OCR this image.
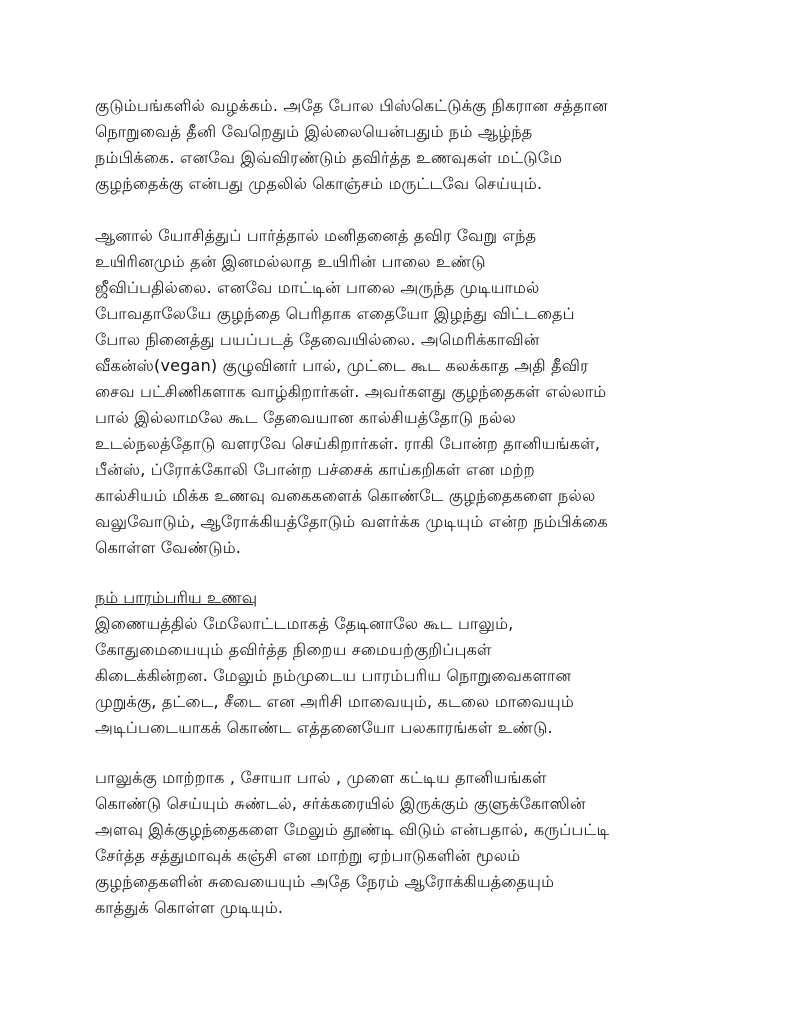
குடும்பங்களில் வழக்கம். அதே போல பிஸ்கெட்டுக்கு நிகரான சத்தான
நொறுவைத் தீனி வேறெதும் இல்லையென்பதும் நம் ஆழ்ந்த
நம்பிக்கை. எனவே இவ்விரண்டும் தவிர்த்த உணவுகள் மட்டுமே
குழந்தைக்கு என்பது முதலில் கொஞ்சம் மருட்டவே செய்யும்.
ஆனால் யோசித்துப் பார்த்தால் மனிதனைத் தவிர வேறு எந்த
உயிரினமும் தன் இனமல்லாத உயிரின் பாலை உண்டு
ஜீவிப்பதில்லை. எனவே மாட்டின் பாலை அருந்த முடியாமல்
போவதாலேயே குழந்தை பெரிதாக எதையோ இழந்து விட்டதைப்
போல நினைத்து பயப்படத் தேவையில்லை. அமெரிக்காவின்
வீகன்ஸ்(vegan) குழுவினர் பால், முட்டை கூட கலக்காத அதி தீவிர
சைவ பட்சிணிகளாக வாழ்கிறார்கள். அவர்களது குழந்தைகள் எல்லாம்
பால் இல்லாமலே கூட தேவையான கால்சியத்தோடு நல்ல
உடல்நலத்தோடு வளரவே செய்கிறார்கள். ராகி போன்ற தானியங்கள்,
பீன்ஸ், ப்ரோக்கோலி போன்ற பச்சைக் காய்கறிகள் என மற்ற
கால்சியம் மிக்க உணவு வகைகளைக் கொண்டே குழந்தைகளை நல்ல
வலுவோடும், ஆரோக்கியத்தோடும் வளர்க்க முடியும் என்ற நம்பிக்கை
கொள்ள வேண்டும்.
நம் பாரம்பரிய உணவு
இணையத்தில் மேலோட்டமாகத் தேடினாலே கூட பாலும்,
கோதுமையையும் தவிர்த்த நிறைய சமையற்குறிப்புகள்
கிடைக்கின்றன. மேலும் நம்முடைய பாரம்பரிய நொறுவைகளான
முறுக்கு, தட்டை, சீடை என அரிசி மாவையும், கடலை மாவையும்
அடிப்படையாகக் கொண்ட எத்தனையோ பலகாரங்கள் உண்டு.
பாலுக்கு மாற்றாக , சோயா பால் , முளை கட்டிய தானியங்கள்
கொண்டு செய்யும் சுண்டல், சர்க்கரையில் இருக்கும் குளுக்கோஸின்
அளவு இக்குழந்தைகளை மேலும் தூண்டி விடும் என்பதால், கருப்பட்டி
சேர்த்த சத்துமாவுக் கஞ்சி என மாற்று ஏற்பாடுகளின் மூலம்
குழந்தைகளின் சுவையையும் அதே நேரம் ஆரோக்கியத்தையும்
காத்துக் கொள்ள முடியும்.
